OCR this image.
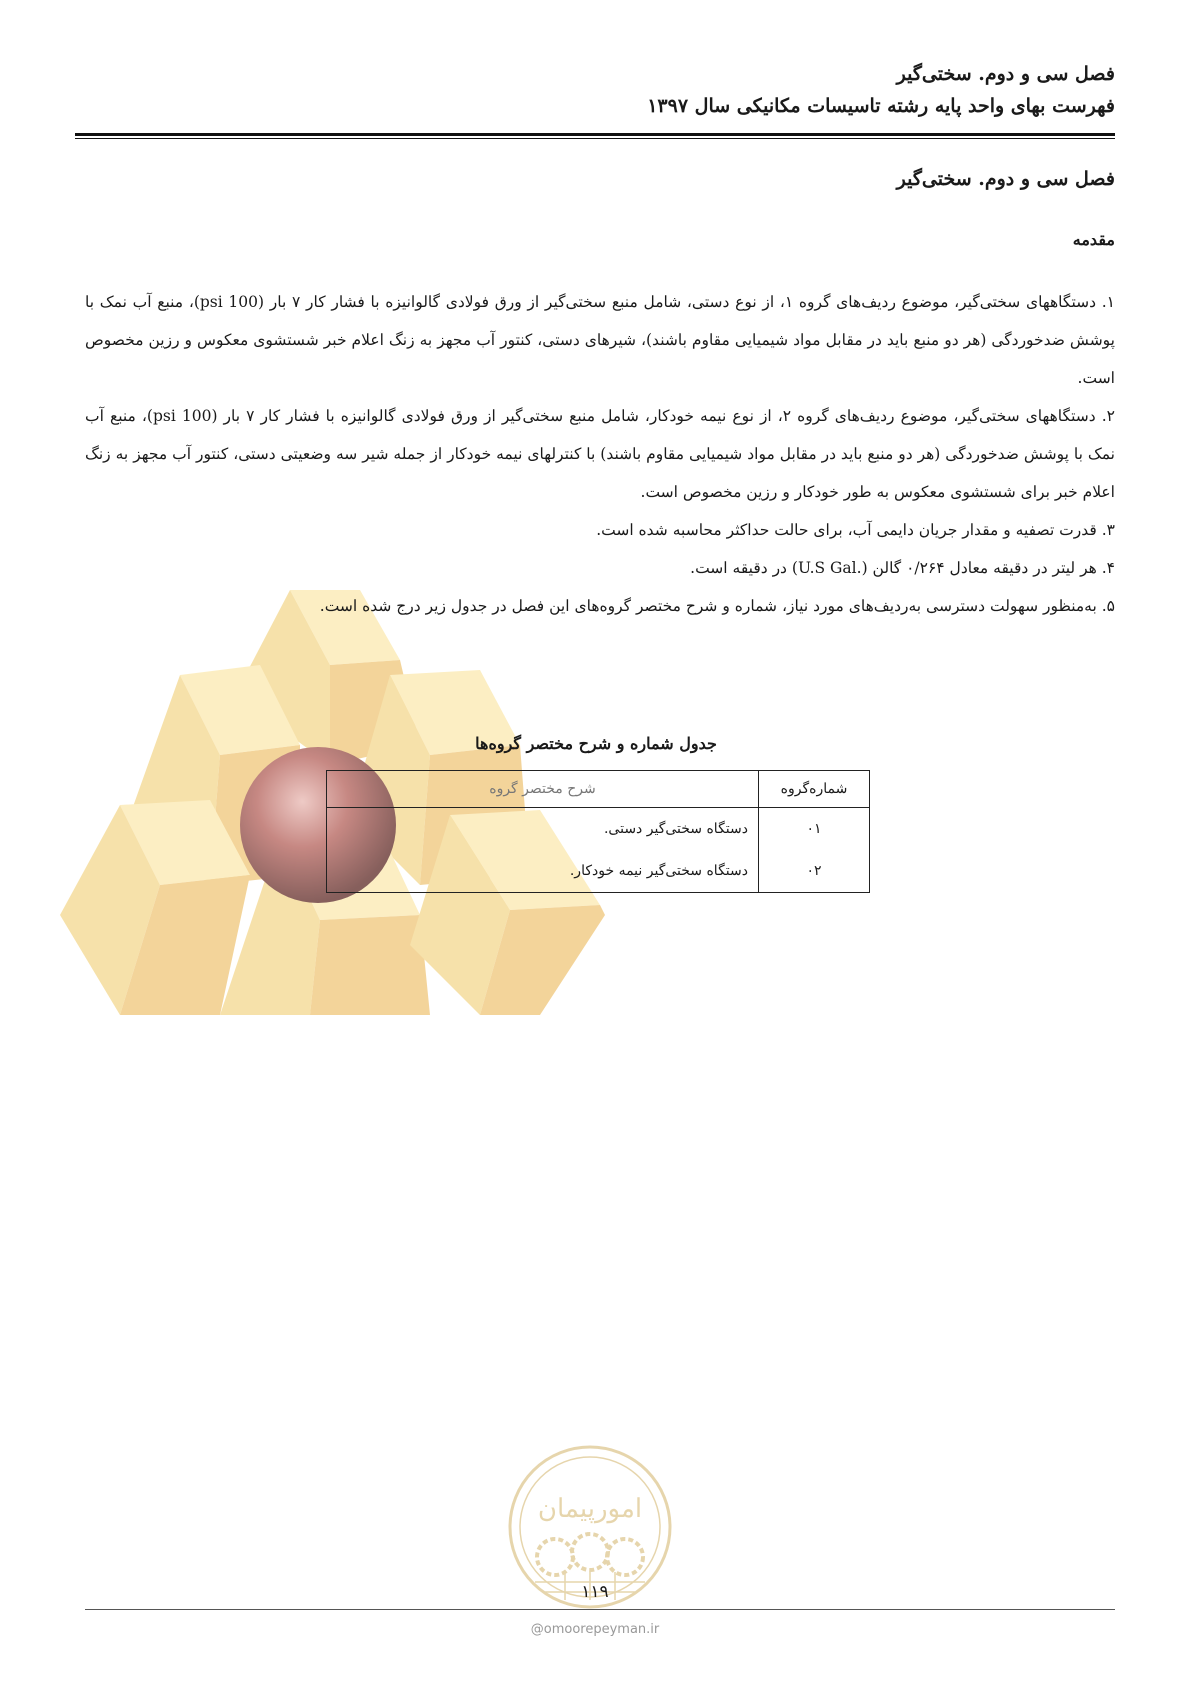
فصل سی و دوم. سختی‌گیر
فهرست بهای واحد پایه رشته تاسیسات مکانیکی سال ۱۳۹۷
فصل سی و دوم. سختی‌گیر
مقدمه

۱. دستگاههای سختی‌گیر، موضوع ردیف‌های گروه ۱، از نوع دستی، شامل منبع سختی‌گیر از ورق فولادی گالوانیزه با فشار کار ۷ بار (psi 100)، منبع آب نمک با پوشش ضدخوردگی (هر دو منبع باید در مقابل مواد شیمیایی مقاوم باشند)، شیرهای دستی، کنتور آب مجهز به زنگ اعلام خبر شستشوی معکوس و رزین مخصوص است.

۲. دستگاههای سختی‌گیر، موضوع ردیف‌های گروه ۲، از نوع نیمه خودکار، شامل منبع سختی‌گیر از ورق فولادی گالوانیزه با فشار کار ۷ بار (psi 100)، منبع آب نمک با پوشش ضدخوردگی (هر دو منبع باید در مقابل مواد شیمیایی مقاوم باشند) با کنترلهای نیمه خودکار از جمله شیر سه وضعیتی دستی، کنتور آب مجهز به زنگ اعلام خبر برای شستشوی معکوس به طور خودکار و رزین مخصوص است.

۳. قدرت تصفیه و مقدار جریان دایمی آب، برای حالت حداکثر محاسبه شده است.

۴. هر لیتر در دقیقه معادل ۰/۲۶۴ گالن (.U.S Gal) در دقیقه است.

۵. به‌منظور سهولت دسترسی به‌ردیف‌های مورد نیاز، شماره و شرح مختصر گروه‌های این فصل در جدول زیر درج شده است.

جدول شماره و شرح مختصر گروه‌ها
شماره‌گروه	شرح مختصر گروه
۰۱	دستگاه سختی‌گیر دستی.
۰۲	دستگاه سختی‌گیر نیمه خودکار.
امورپیمان
۱۱۹
@omoorepeyman.ir
